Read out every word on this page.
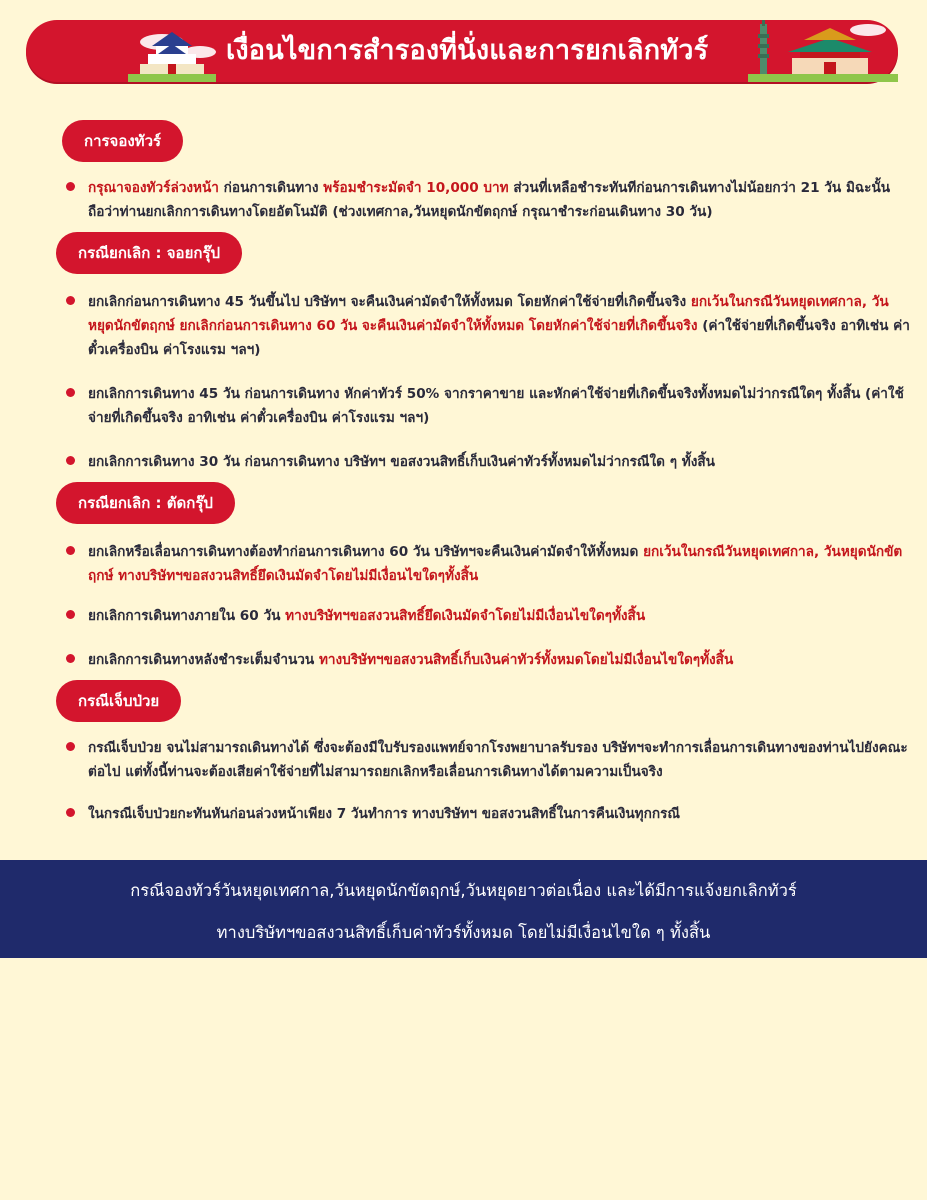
เงื่อนไขการสำรองที่นั่งและการยกเลิกทัวร์
การจองทัวร์
กรุณาจองทัวร์ล่วงหน้า ก่อนการเดินทาง พร้อมชำระมัดจำ 10,000 บาท ส่วนที่เหลือชำระทันทีก่อนการเดินทางไม่น้อยกว่า 21 วัน มิฉะนั้นถือว่าท่านยกเลิกการเดินทางโดยอัตโนมัติ (ช่วงเทศกาล,วันหยุดนักขัตฤกษ์ กรุณาชำระก่อนเดินทาง 30 วัน)
กรณียกเลิก : จอยกรุ๊ป
ยกเลิกก่อนการเดินทาง 45 วันขึ้นไป บริษัทฯ จะคืนเงินค่ามัดจำให้ทั้งหมด โดยหักค่าใช้จ่ายที่เกิดขึ้นจริง ยกเว้นในกรณีวันหยุดเทศกาล, วันหยุดนักขัตฤกษ์ ยกเลิกก่อนการเดินทาง 60 วัน จะคืนเงินค่ามัดจำให้ทั้งหมด โดยหักค่าใช้จ่ายที่เกิดขึ้นจริง (ค่าใช้จ่ายที่เกิดขึ้นจริง อาทิเช่น ค่าตั๋วเครื่องบิน ค่าโรงแรม ฯลฯ)
ยกเลิกการเดินทาง 45 วัน ก่อนการเดินทาง หักค่าทัวร์ 50% จากราคาขาย และหักค่าใช้จ่ายที่เกิดขึ้นจริงทั้งหมดไม่ว่ากรณีใดๆ ทั้งสิ้น (ค่าใช้จ่ายที่เกิดขึ้นจริง อาทิเช่น ค่าตั๋วเครื่องบิน ค่าโรงแรม ฯลฯ)
ยกเลิกการเดินทาง 30 วัน ก่อนการเดินทาง บริษัทฯ ขอสงวนสิทธิ์เก็บเงินค่าทัวร์ทั้งหมดไม่ว่ากรณีใด ๆ ทั้งสิ้น
กรณียกเลิก : ตัดกรุ๊ป
ยกเลิกหรือเลื่อนการเดินทางต้องทำก่อนการเดินทาง 60 วัน บริษัทฯจะคืนเงินค่ามัดจำให้ทั้งหมด ยกเว้นในกรณีวันหยุดเทศกาล, วันหยุดนักขัตฤกษ์ ทางบริษัทฯขอสงวนสิทธิ์ยึดเงินมัดจำโดยไม่มีเงื่อนไขใดๆทั้งสิ้น
ยกเลิกการเดินทางภายใน 60 วัน ทางบริษัทฯขอสงวนสิทธิ์ยึดเงินมัดจำโดยไม่มีเงื่อนไขใดๆทั้งสิ้น
ยกเลิกการเดินทางหลังชำระเต็มจำนวน ทางบริษัทฯขอสงวนสิทธิ์เก็บเงินค่าทัวร์ทั้งหมดโดยไม่มีเงื่อนไขใดๆทั้งสิ้น
กรณีเจ็บป่วย
กรณีเจ็บป่วย จนไม่สามารถเดินทางได้ ซึ่งจะต้องมีใบรับรองแพทย์จากโรงพยาบาลรับรอง บริษัทฯจะทำการเลื่อนการเดินทางของท่านไปยังคณะต่อไป แต่ทั้งนี้ท่านจะต้องเสียค่าใช้จ่ายที่ไม่สามารถยกเลิกหรือเลื่อนการเดินทางได้ตามความเป็นจริง
ในกรณีเจ็บป่วยกะทันหันก่อนล่วงหน้าเพียง 7 วันทำการ ทางบริษัทฯ ขอสงวนสิทธิ์ในการคืนเงินทุกกรณี
กรณีจองทัวร์วันหยุดเทศกาล,วันหยุดนักขัตฤกษ์,วันหยุดยาวต่อเนื่อง และได้มีการแจ้งยกเลิกทัวร์
ทางบริษัทฯขอสงวนสิทธิ์เก็บค่าทัวร์ทั้งหมด โดยไม่มีเงื่อนไขใด ๆ ทั้งสิ้น
